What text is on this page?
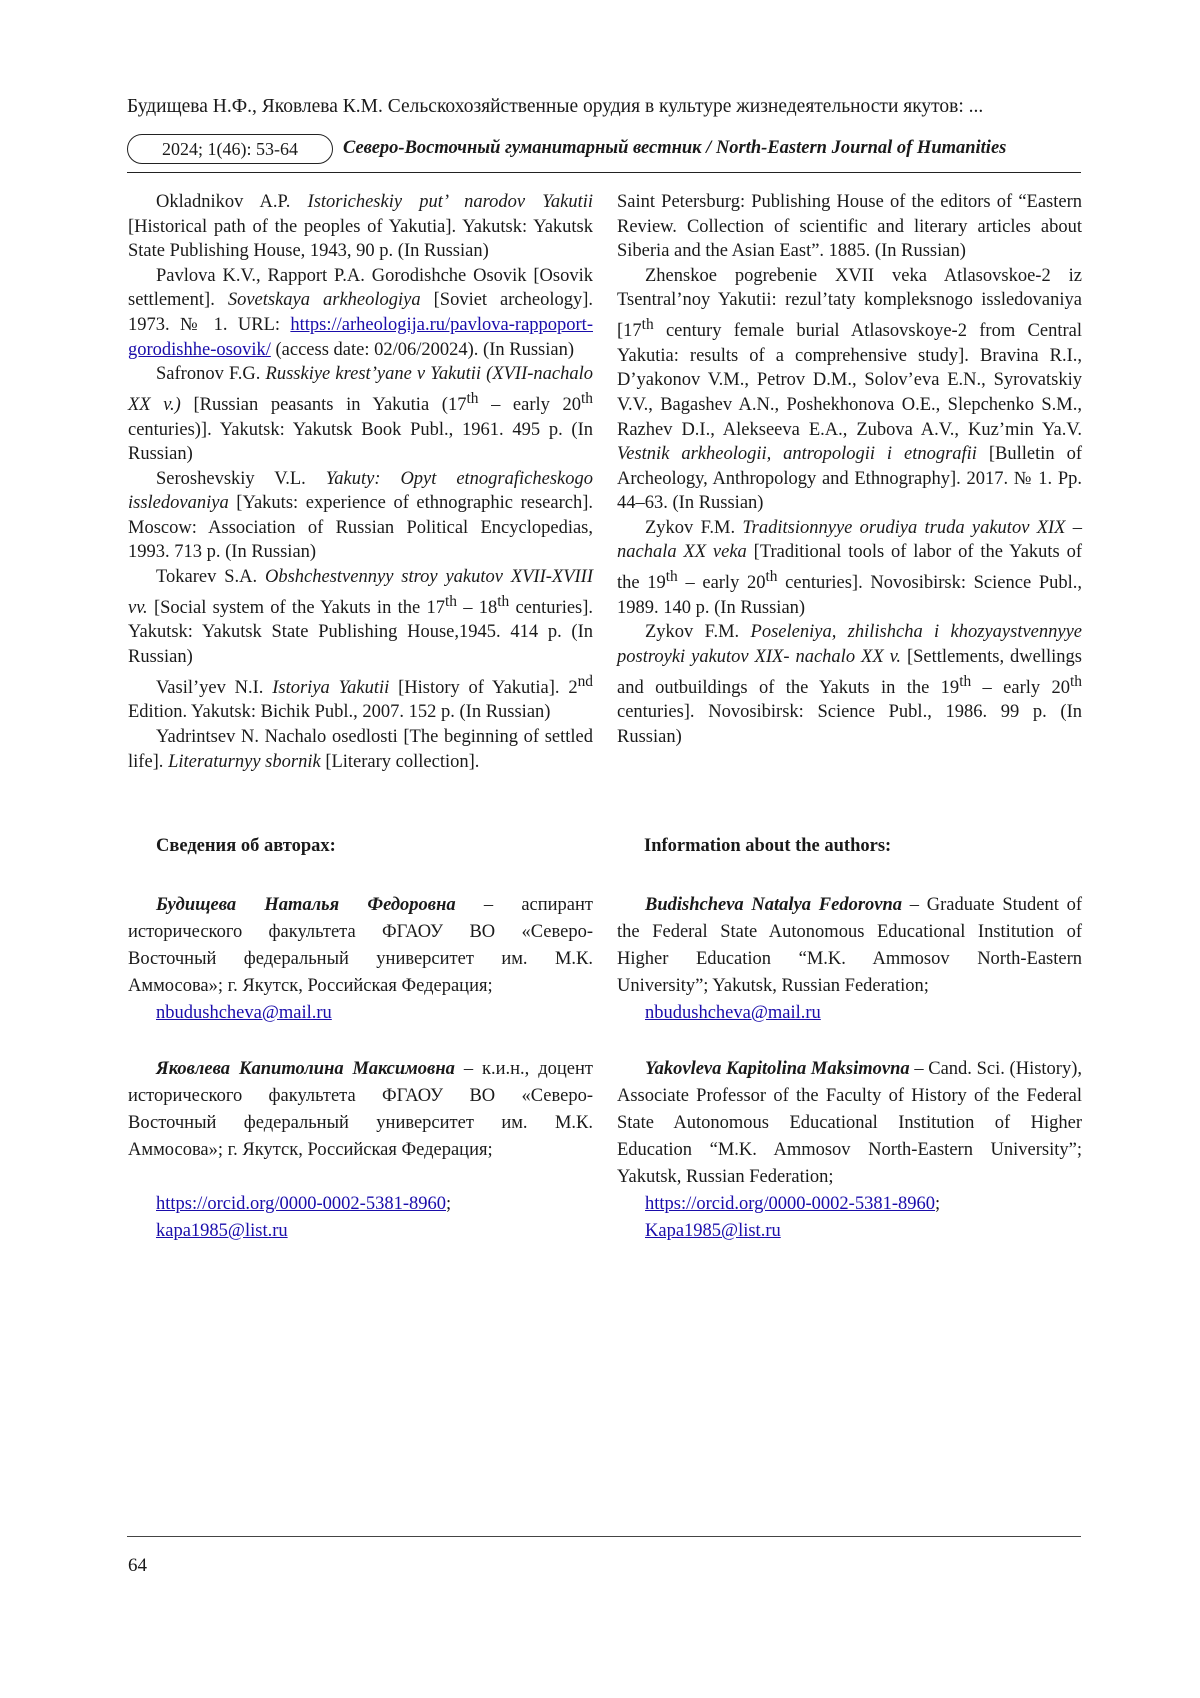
Будищева Н.Ф., Яковлева К.М. Сельскохозяйственные орудия в культуре жизнедеятельности якутов: ...
2024; 1(46): 53-64	Северо-Восточный гуманитарный вестник / North-Eastern Journal of Humanities

Okladnikov A.P. Istoricheskiy put’ narodov Yakutii [Historical path of the peoples of Yakutia]. Yakutsk: Yakutsk State Publishing House, 1943, 90 p. (In Russian)

Pavlova K.V., Rapport P.A. Gorodishche Osovik [Osovik settlement]. Sovetskaya arkheologiya [Soviet archeology]. 1973. № 1. URL: https://arheologija.ru/pavlova-rappoport-gorodishhe-osovik/ (access date: 02/06/20024). (In Russian)

Safronov F.G. Russkiye krest’yane v Yakutii (XVII-nachalo XX v.) [Russian peasants in Yakutia (17th – early 20th centuries)]. Yakutsk: Yakutsk Book Publ., 1961. 495 p. (In Russian)

Seroshevskiy V.L. Yakuty: Opyt etnograficheskogo issledovaniya [Yakuts: experience of ethnographic research]. Moscow: Association of Russian Political Encyclopedias, 1993. 713 p. (In Russian)

Tokarev S.A. Obshchestvennyy stroy yakutov XVII-XVIII vv. [Social system of the Yakuts in the 17th – 18th centuries]. Yakutsk: Yakutsk State Publishing House,1945. 414 p. (In Russian)

Vasil’yev N.I. Istoriya Yakutii [History of Yakutia]. 2nd Edition. Yakutsk: Bichik Publ., 2007. 152 p. (In Russian)

Yadrintsev N. Nachalo osedlosti [The beginning of settled life]. Literaturnyy sbornik [Literary collection].

Saint Petersburg: Publishing House of the editors of “Eastern Review. Collection of scientific and literary articles about Siberia and the Asian East”. 1885. (In Russian)

Zhenskoe pogrebenie XVII veka Atlasovskoe-2 iz Tsentral’noy Yakutii: rezul’taty kompleksnogo issledovaniya [17th century female burial Atlasovskoye-2 from Central Yakutia: results of a comprehensive study]. Bravina R.I., D’yakonov V.M., Petrov D.M., Solov’eva E.N., Syrovatskiy V.V., Bagashev A.N., Poshekhonova O.E., Slepchenko S.M., Razhev D.I., Alekseeva E.A., Zubova A.V., Kuz’min Ya.V. Vestnik arkheologii, antropologii i etnografii [Bulletin of Archeology, Anthropology and Ethnography]. 2017. № 1. Pp. 44–63. (In Russian)

Zykov F.M. Traditsionnyye orudiya truda yakutov XIX – nachala XX veka [Traditional tools of labor of the Yakuts of the 19th – early 20th centuries]. Novosibirsk: Science Publ., 1989. 140 p. (In Russian)

Zykov F.M. Poseleniya, zhilishcha i khozyaystvennyye postroyki yakutov XIX- nachalo XX v. [Settlements, dwellings and outbuildings of the Yakuts in the 19th – early 20th centuries]. Novosibirsk: Science Publ., 1986. 99 p. (In Russian)

Сведения об авторах:	Information about the authors:

Будищева Наталья Федоровна – аспирант исторического факультета ФГАОУ ВО «Северо-Восточный федеральный университет им. М.К. Аммосова»; г. Якутск, Российская Федерация;

nbudushcheva@mail.ru

Budishcheva Natalya Fedorovna – Graduate Student of the Federal State Autonomous Educational Institution of Higher Education “M.K. Ammosov North-Eastern University”; Yakutsk, Russian Federation;

nbudushcheva@mail.ru

Яковлева Капитолина Максимовна – к.и.н., доцент исторического факультета ФГАОУ ВО «Северо-Восточный федеральный университет им. М.К. Аммосова»; г. Якутск, Российская Федерация;

https://orcid.org/0000-0002-5381-8960;

kapa1985@list.ru

Yakovleva Kapitolina Maksimovna – Cand. Sci. (History), Associate Professor of the Faculty of History of the Federal State Autonomous Educational Institution of Higher Education “M.K. Ammosov North-Eastern University”; Yakutsk, Russian Federation;

https://orcid.org/0000-0002-5381-8960;

Kapa1985@list.ru

64
